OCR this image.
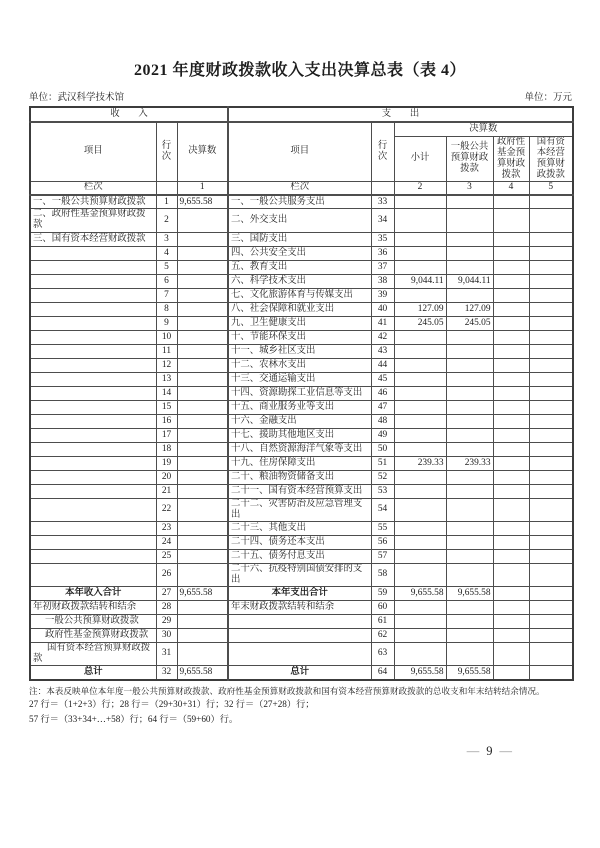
2021 年度财政拨款收入支出决算总表（表 4）
单位：武汉科学技术馆	单位：万元
收　　入			支　　出					
项目	行次	决算数	项目	行次	决算数			
					小计	一般公共预算财政拨款	政府性基金预算财政拨款	国有资本经营预算财政拨款
栏次		1	栏次		2	3	4	5
一、一般公共预算财政拨款	1	9,655.58	一、一般公共服务支出	33				
二、政府性基金预算财政拨款	2		二、外交支出	34				
三、国有资本经营财政拨款	3		三、国防支出	35				
	4		四、公共安全支出	36				
	5		五、教育支出	37				
	6		六、科学技术支出	38	9,044.11	9,044.11		
	7		七、文化旅游体育与传媒支出	39				
	8		八、社会保障和就业支出	40	127.09	127.09		
	9		九、卫生健康支出	41	245.05	245.05		
	10		十、节能环保支出	42				
	11		十一、城乡社区支出	43				
	12		十二、农林水支出	44				
	13		十三、交通运输支出	45				
	14		十四、资源勘探工业信息等支出	46				
	15		十五、商业服务业等支出	47				
	16		十六、金融支出	48				
	17		十七、援助其他地区支出	49				
	18		十八、自然资源海洋气象等支出	50				
	19		十九、住房保障支出	51	239.33	239.33		
	20		二十、粮油物资储备支出	52				
	21		二十一、国有资本经营预算支出	53				
	22		二十二、灾害防治及应急管理支出	54				
	23		二十三、其他支出	55				
	24		二十四、债务还本支出	56				
	25		二十五、债务付息支出	57				
	26		二十六、抗疫特别国债安排的支出	58				
本年收入合计	27	9,655.58	本年支出合计	59	9,655.58	9,655.58		
年初财政拨款结转和结余	28		年末财政拨款结转和结余	60				
一般公共预算财政拨款	29			61				
政府性基金预算财政拨款	30			62				
国有资本经营预算财政拨款	31			63				
总计	32	9,655.58	总计	64	9,655.58	9,655.58		
注：本表反映单位本年度一般公共预算财政拨款、政府性基金预算财政拨款和国有资本经营预算财政拨款的总收支和年末结转结余情况。
27 行＝（1+2+3）行；28 行＝（29+30+31）行；32 行＝（27+28）行；
57 行＝（33+34+…+58）行；64 行＝（59+60）行。
— 9 —
